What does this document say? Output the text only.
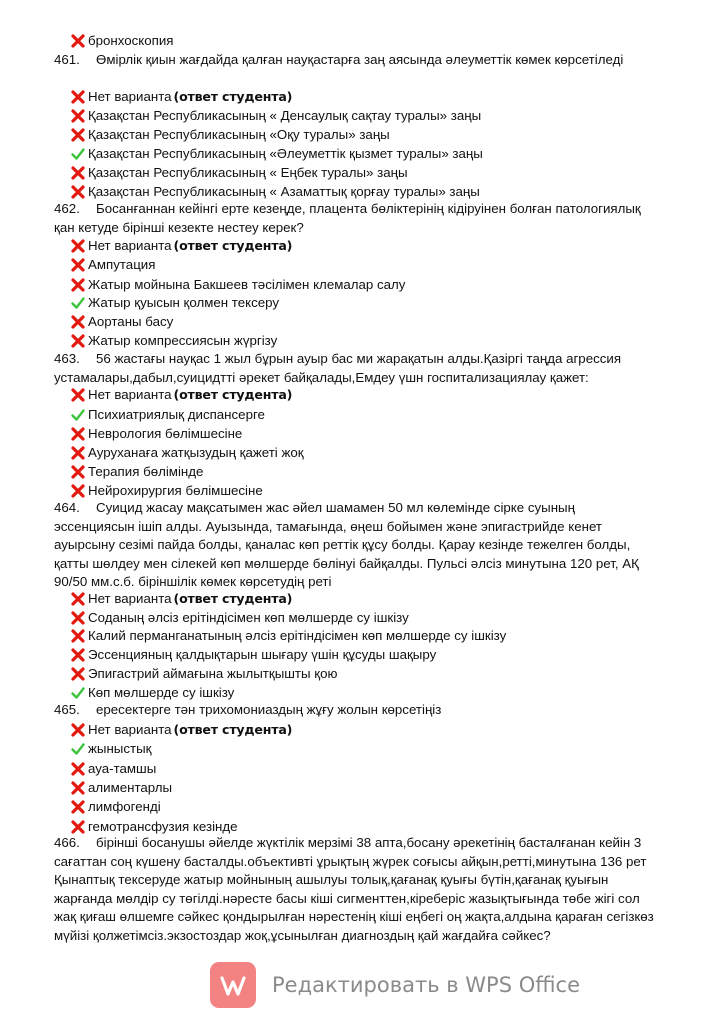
бронхоскопия
461. Өмірлік қиын жағдайда қалған науқастарға заң аясында әлеуметтік көмек көрсетіледі
Нет варианта (ответ студента)
Қазақстан Республикасының « Денсаулық сақтау туралы» заңы
Қазақстан Республикасының «Оқу туралы» заңы
Қазақстан Республикасының «Әлеуметтік қызмет туралы» заңы
Қазақстан Республикасының « Еңбек туралы» заңы
Қазақстан Республикасының « Азаматтық қорғау туралы» заңы
462. Босанғаннан кейінгі ерте кезеңде, плацента бөліктерінің кідіруінен болған патологиялық қан кетуде бірінші кезекте нестеу керек?
Нет варианта (ответ студента)
Ампутация
Жатыр мойнына Бакшеев тәсілімен клемалар салу
Жатыр қуысын қолмен тексеру
Аортаны басу
Жатыр компрессиясын жүргізу
463. 56 жастағы науқас 1 жыл бұрын ауыр бас ми жарақатын алды.Қазіргі таңда агрессия устамалары,дабыл,суицидтті әрекет байқалады,Емдеу үшн госпитализациялау қажет:
Нет варианта (ответ студента)
Психиатриялық диспансерге
Неврология бөлімшесіне
Ауруханаға жатқызудың қажеті жоқ
Терапия бөлімінде
Нейрохирургия бөлімшесіне
464. Суицид жасау мақсатымен жас әйел шамамен 50 мл көлеміндe сірке суының эссенциясын ішіп алды. Ауызында, тамағында, өңеш бойымен және эпигастрийде кенет ауырсыну сезімі пайда болды, қаналас көп реттік құсу болды. Қарау кезінде тежелген болды, қатты шөлдеу мен сілекей көп мөлшерде бөлінуі байқалды. Пульсі әлсіз минутына 120 рет, АҚ 90/50 мм.с.б. біріншілік көмек көрсетудің реті
Нет варианта (ответ студента)
Соданың әлсіз ерітіндісімен көп мөлшерде су ішкізу
Калий перманганатының әлсіз ерітіндісімен көп мөлшерде су ішкізу
Эссенцияның қалдықтарын шығару үшін құсуды шақыру
Эпигастрий аймағына жылытқышты қою
Көп мөлшерде су ішкізу
465. ересектерге тән трихомониаздың жұғу жолын көрсетіңіз
Нет варианта (ответ студента)
жыныстық
ауа-тамшы
алиментарлы
лимфогенді
гемотрансфузия кезінде
466. бірінші босанушы әйелде жүктілік мерзімі 38 апта,босану әрекетінің басталғанан кейін 3 сағаттан соң күшену басталды.объективті ұрықтың жүрек соғысы айқын,ретті,минутына 136 рет Қынаптық тексеруде жатыр мойнының ашылуы толық,қағанақ қуығы бүтін,қағанақ қуығын жарғанда мөлдір су төгілді.нәресте басы кіші сигменттен,кіреберіс жазықтығында төбе жігі сол жақ қиғаш өлшемге сәйкес қондырылған нәрестенің кіші еңбегі оң жақта,алдына қараған сегізкөз мүйізі қолжетімсіз.экзостоздар жоқ,ұсынылған диагноздың қай жағдайға сәйкес?
Редактировать в WPS Office
